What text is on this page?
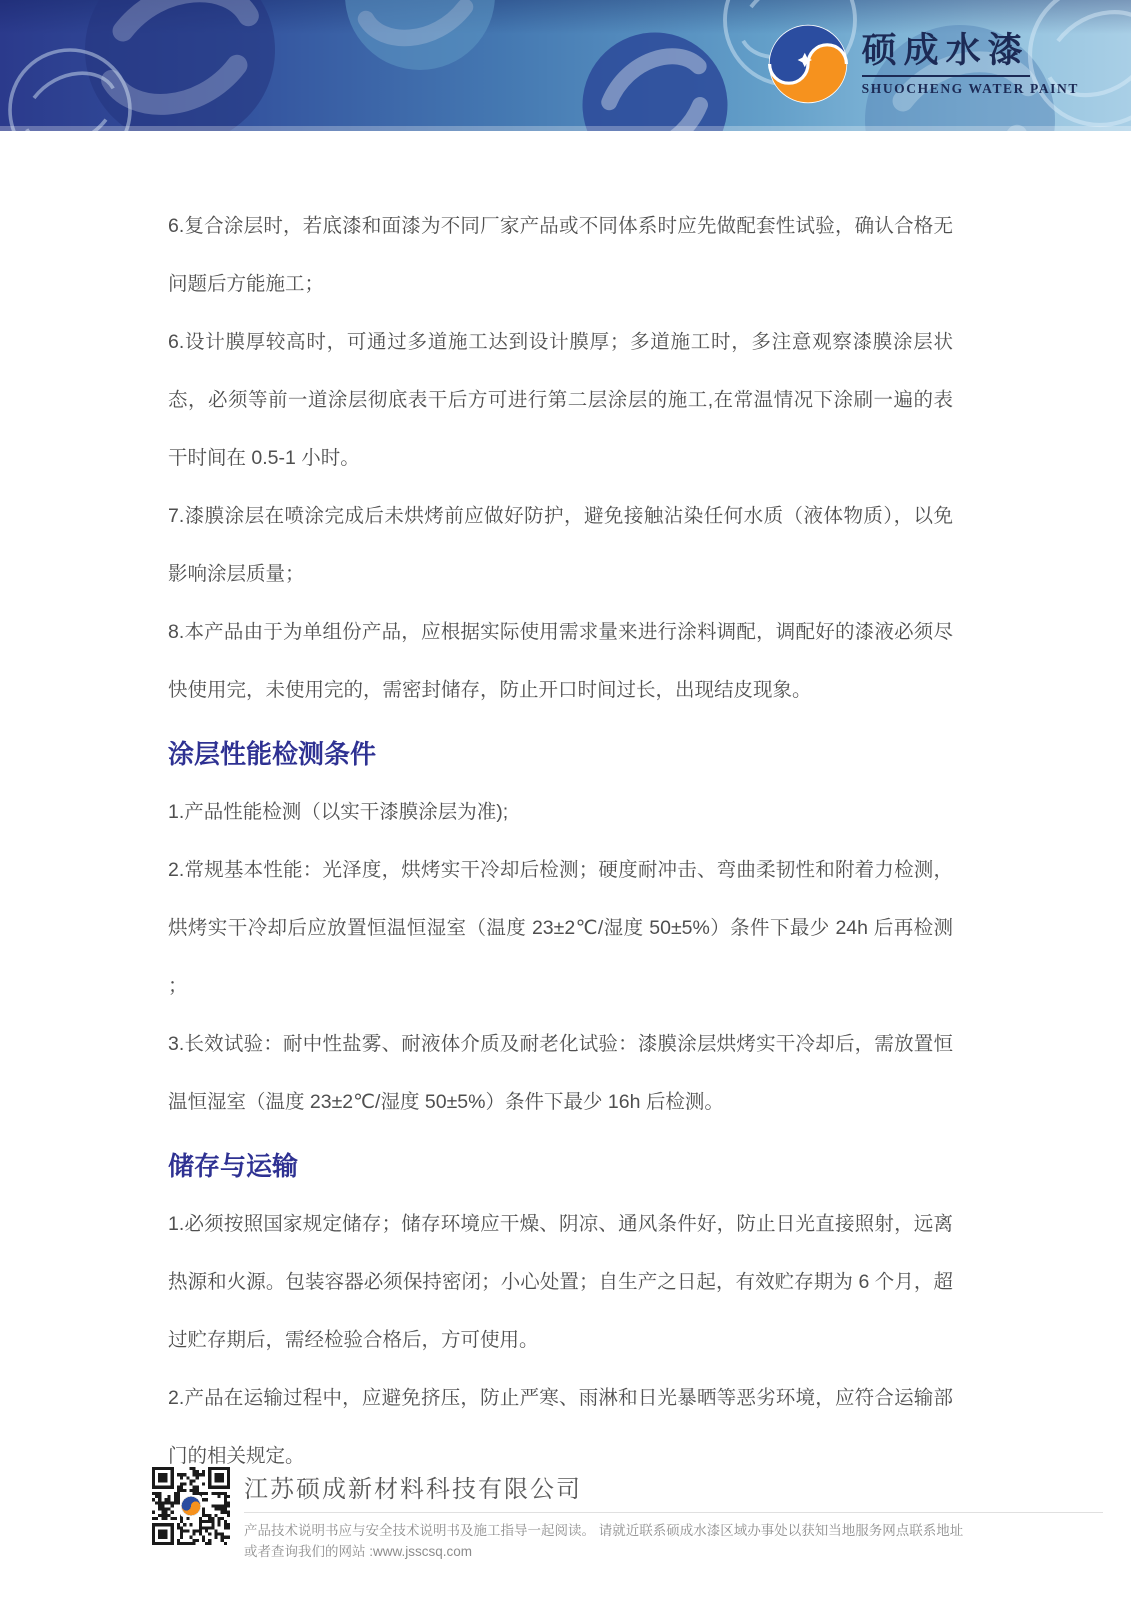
硕成水漆
SHUOCHENG WATER PAINT

6.复合涂层时，若底漆和面漆为不同厂家产品或不同体系时应先做配套性试验，确认合格无问题后方能施工；

6.设计膜厚较高时，可通过多道施工达到设计膜厚；多道施工时，多注意观察漆膜涂层状态，必须等前一道涂层彻底表干后方可进行第二层涂层的施工,在常温情况下涂刷一遍的表干时间在 0.5-1 小时。

7.漆膜涂层在喷涂完成后未烘烤前应做好防护，避免接触沾染任何水质（液体物质），以免影响涂层质量；

8.本产品由于为单组份产品，应根据实际使用需求量来进行涂料调配，调配好的漆液必须尽快使用完，未使用完的，需密封储存，防止开口时间过长，出现结皮现象。

涂层性能检测条件

1.产品性能检测（以实干漆膜涂层为准);

2.常规基本性能：光泽度，烘烤实干冷却后检测；硬度耐冲击、弯曲柔韧性和附着力检测，烘烤实干冷却后应放置恒温恒湿室（温度 23±2℃/湿度 50±5%）条件下最少 24h 后再检测 ；

3.长效试验：耐中性盐雾、耐液体介质及耐老化试验：漆膜涂层烘烤实干冷却后，需放置恒温恒湿室（温度 23±2℃/湿度 50±5%）条件下最少 16h 后检测。

储存与运输

1.必须按照国家规定储存；储存环境应干燥、阴凉、通风条件好，防止日光直接照射，远离热源和火源。包装容器必须保持密闭；小心处置；自生产之日起，有效贮存期为 6 个月，超过贮存期后，需经检验合格后，方可使用。

2.产品在运输过程中，应避免挤压，防止严寒、雨淋和日光暴晒等恶劣环境，应符合运输部门的相关规定。

江苏硕成新材料科技有限公司
产品技术说明书应与安全技术说明书及施工指导一起阅读。 请就近联系硕成水漆区域办事处以获知当地服务网点联系地址
或者查询我们的网站 :www.jsscsq.com
